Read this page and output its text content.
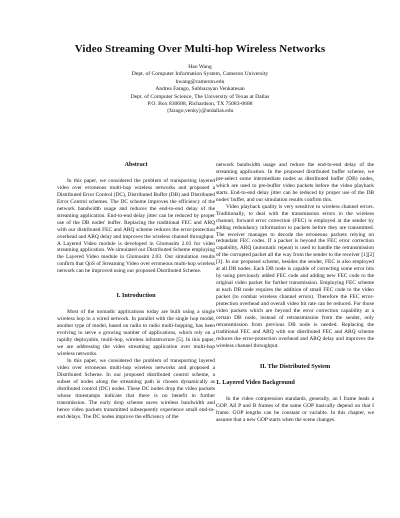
Video Streaming Over Multi-hop Wireless Networks
Hao Wang
Dept. of Computer Information System, Cameron University
hwang@cameron.edu
Andrea Farago, Subbarayan Venkatesan
Dept. of Computer Science, The University of Texas at Dallas
P.O. Box 830688, Richardson, TX 75083-0688
{farago,venky}@utdallas.edu
Abstract

In this paper, we considered the problem of transporting layered video over erroneous multi-hop wireless networks and proposed a Distributed Error Control (DC), Distributed Buffer (DB) and Distributed Error Control schemes. The DC scheme improves the efficiency of the network bandwidth usage and reduces the end-to-end delay of the streaming application. End-to-end delay jitter can be reduced by proper use of the DB nodes' buffer. Replacing the traditional FEC and ARQ with our distributed FEC and ARQ scheme reduces the error-protection overhead and ARQ delay and improves the wireless channel throughput. A Layered Video module is developed in Glomosim 2.03 for video streaming application. We simulated our Distributed Scheme employing the Layered Video module in Glomosim 2.03. Our simulation results confirm that QoS of Streaming Video over erroneous multi-hop wireless network can be improved using our proposed Distributed Scheme.

I. Introduction

Most of the nomadic applications today are built using a single wireless hop to a wired network. In parallel with the single hop model, another type of model, based on radio to radio multi-hopping, has been evolving to serve a growing number of applications, which rely on a rapidly deployable, multi-hop, wireless infrastructure [5]. In this paper, we are addressing the video streaming application over multi-hop wireless networks.

In this paper, we considered the problem of transporting layered video over erroneous multi-hop wireless networks and proposed a Distributed Scheme. In our proposed distributed control scheme, a subset of nodes along the streaming path is chosen dynamically as distributed control (DC) nodes. These DC nodes drop the video packets whose timestamps indicate that there is no benefit in further transmission. The early drop scheme saves wireless bandwidth and hence video packets transmitted subsequently experience small end-to-end delays. The DC nodes improve the efficiency of the

network bandwidth usage and reduce the end-to-end delay of the streaming application. In the proposed distributed buffer scheme, we pre-select some intermediate nodes as distributed buffer (DB) nodes, which are used to pre-buffer video packets before the video playback starts. End-to-end delay jitter can be reduced by proper use of the DB nodes' buffer, and our simulation results confirm this.

Video playback quality is very sensitive to wireless channel errors. Traditionally, to deal with the transmission errors in the wireless channel, forward error correction (FEC) is employed at the sender by adding redundancy information to packets before they are transmitted. The receiver manages to decode the erroneous packets relying on redundant FEC codes. If a packet is beyond the FEC error correction capability, ARQ (automatic repeat) is used to handle the retransmission of the corrupted packet all the way from the sender to the receiver [1][2][3]. In our proposed scheme, besides the sender, FEC is also employed at all DB nodes. Each DB node is capable of correcting some error bits by using previously added FEC code and adding new FEC code to the original video packet for further transmission. Employing FEC scheme at each DB node requires the addition of small FEC code to the video packet (to combat wireless channel errors). Therefore the FEC error-protection overhead and overall video bit rate can be reduced. For those video packets which are beyond the error correction capability at a certain DB node, instead of retransmission from the sender, only retransmission from previous DB node is needed. Replacing the traditional FEC and ARQ with our distributed FEC and ARQ scheme reduces the error-protection overhead and ARQ delay and improves the wireless channel throughput.

II. The Distributed System
1. Layered Video Background

In the video compression standards, generally, an I frame leads a GOP. All P and B frames of the same GOP basically depend on that I frame. GOP lengths can be constant or variable. In this chapter, we assume that a new GOP starts when the scene changes.
